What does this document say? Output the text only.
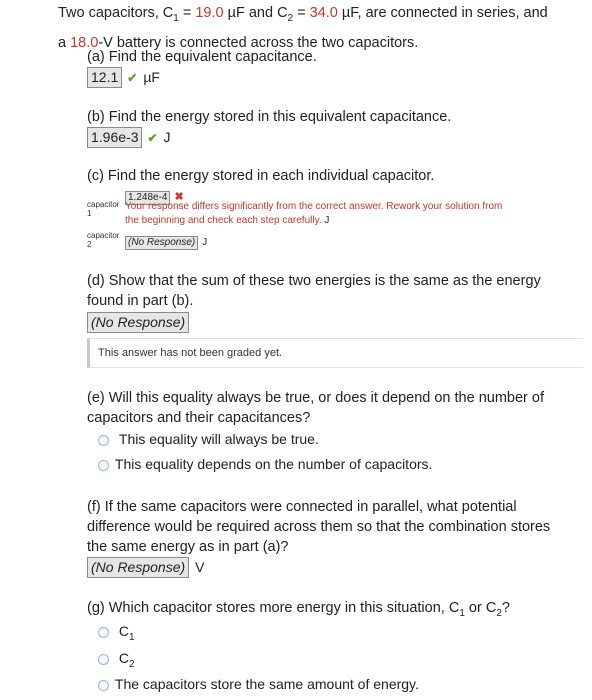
Two capacitors, $C_1 = 19.0$ µF and $C_2 = 34.0$ µF, are connected in series, and
a 18.0-V battery is connected across the two capacitors.
(a) Find the equivalent capacitance.
12.1 ✔ µF
(b) Find the energy stored in this equivalent capacitance.
1.96e-3 ✔ J
(c) Find the energy stored in each individual capacitor.
1.248e-4 ✖
capacitor
1
Your response differs significantly from the correct answer. Rework your solution from
the beginning and check each step carefully. J
capacitor
2	(No Response) J
(d) Show that the sum of these two energies is the same as the energy
found in part (b).
(No Response)
This answer has not been graded yet.
(e) Will this equality always be true, or does it depend on the number of
capacitors and their capacitances?
This equality will always be true.
This equality depends on the number of capacitors.
(f) If the same capacitors were connected in parallel, what potential
difference would be required across them so that the combination stores
the same energy as in part (a)?
(No Response) V
(g) Which capacitor stores more energy in this situation, $C_1$ or $C_2$?
$C_1$
$C_2$
The capacitors store the same amount of energy.
